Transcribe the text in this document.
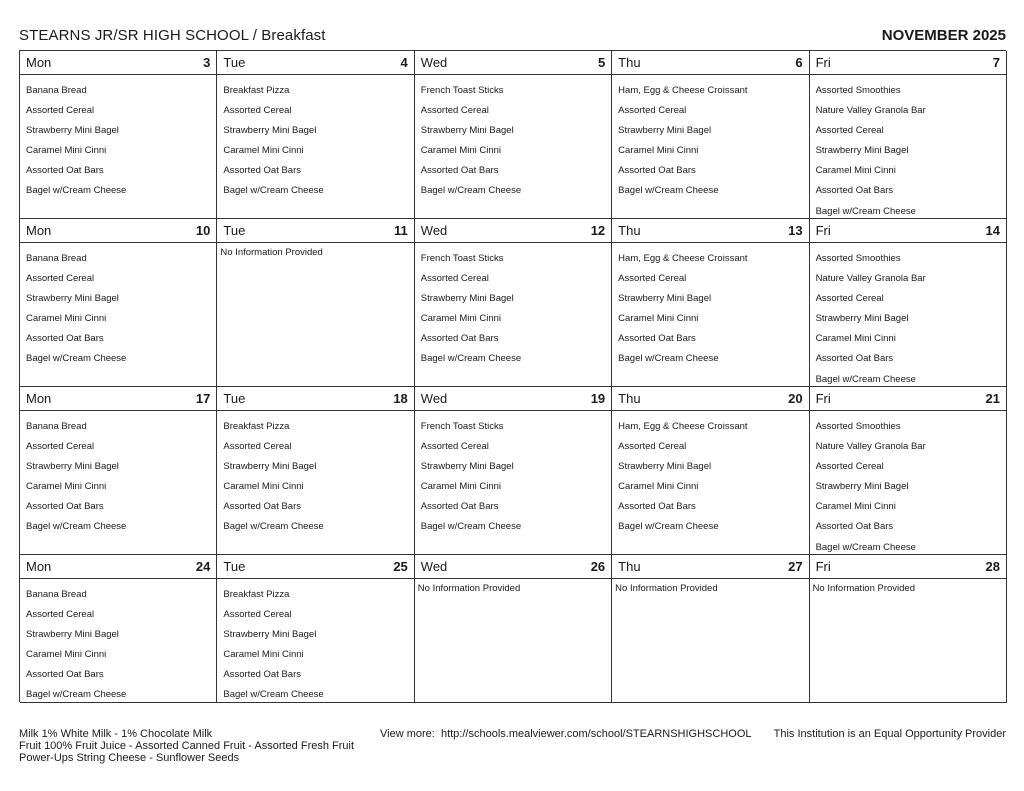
STEARNS JR/SR HIGH SCHOOL / Breakfast	NOVEMBER 2025
Mon	3
Banana Bread
Assorted Cereal
Strawberry Mini Bagel
Caramel Mini Cinni
Assorted Oat Bars
Bagel w/Cream Cheese
Tue	4
Breakfast Pizza
Assorted Cereal
Strawberry Mini Bagel
Caramel Mini Cinni
Assorted Oat Bars
Bagel w/Cream Cheese
Wed	5
French Toast Sticks
Assorted Cereal
Strawberry Mini Bagel
Caramel Mini Cinni
Assorted Oat Bars
Bagel w/Cream Cheese
Thu	6
Ham, Egg & Cheese Croissant
Assorted Cereal
Strawberry Mini Bagel
Caramel Mini Cinni
Assorted Oat Bars
Bagel w/Cream Cheese
Fri	7
Assorted Smoothies
Nature Valley Granola Bar
Assorted Cereal
Strawberry Mini Bagel
Caramel Mini Cinni
Assorted Oat Bars
Bagel w/Cream Cheese
Mon	10
Banana Bread
Assorted Cereal
Strawberry Mini Bagel
Caramel Mini Cinni
Assorted Oat Bars
Bagel w/Cream Cheese
Tue	11
No Information Provided
Wed	12
French Toast Sticks
Assorted Cereal
Strawberry Mini Bagel
Caramel Mini Cinni
Assorted Oat Bars
Bagel w/Cream Cheese
Thu	13
Ham, Egg & Cheese Croissant
Assorted Cereal
Strawberry Mini Bagel
Caramel Mini Cinni
Assorted Oat Bars
Bagel w/Cream Cheese
Fri	14
Assorted Smoothies
Nature Valley Granola Bar
Assorted Cereal
Strawberry Mini Bagel
Caramel Mini Cinni
Assorted Oat Bars
Bagel w/Cream Cheese
Mon	17
Banana Bread
Assorted Cereal
Strawberry Mini Bagel
Caramel Mini Cinni
Assorted Oat Bars
Bagel w/Cream Cheese
Tue	18
Breakfast Pizza
Assorted Cereal
Strawberry Mini Bagel
Caramel Mini Cinni
Assorted Oat Bars
Bagel w/Cream Cheese
Wed	19
French Toast Sticks
Assorted Cereal
Strawberry Mini Bagel
Caramel Mini Cinni
Assorted Oat Bars
Bagel w/Cream Cheese
Thu	20
Ham, Egg & Cheese Croissant
Assorted Cereal
Strawberry Mini Bagel
Caramel Mini Cinni
Assorted Oat Bars
Bagel w/Cream Cheese
Fri	21
Assorted Smoothies
Nature Valley Granola Bar
Assorted Cereal
Strawberry Mini Bagel
Caramel Mini Cinni
Assorted Oat Bars
Bagel w/Cream Cheese
Mon	24
Banana Bread
Assorted Cereal
Strawberry Mini Bagel
Caramel Mini Cinni
Assorted Oat Bars
Bagel w/Cream Cheese
Tue	25
Breakfast Pizza
Assorted Cereal
Strawberry Mini Bagel
Caramel Mini Cinni
Assorted Oat Bars
Bagel w/Cream Cheese
Wed	26
No Information Provided
Thu	27
No Information Provided
Fri	28
No Information Provided
Milk 1% White Milk - 1% Chocolate Milk
Fruit 100% Fruit Juice - Assorted Canned Fruit - Assorted Fresh Fruit
Power-Ups String Cheese - Sunflower Seeds
View more: http://schools.mealviewer.com/school/STEARNSHIGHSCHOOL This Institution is an Equal Opportunity Provider
